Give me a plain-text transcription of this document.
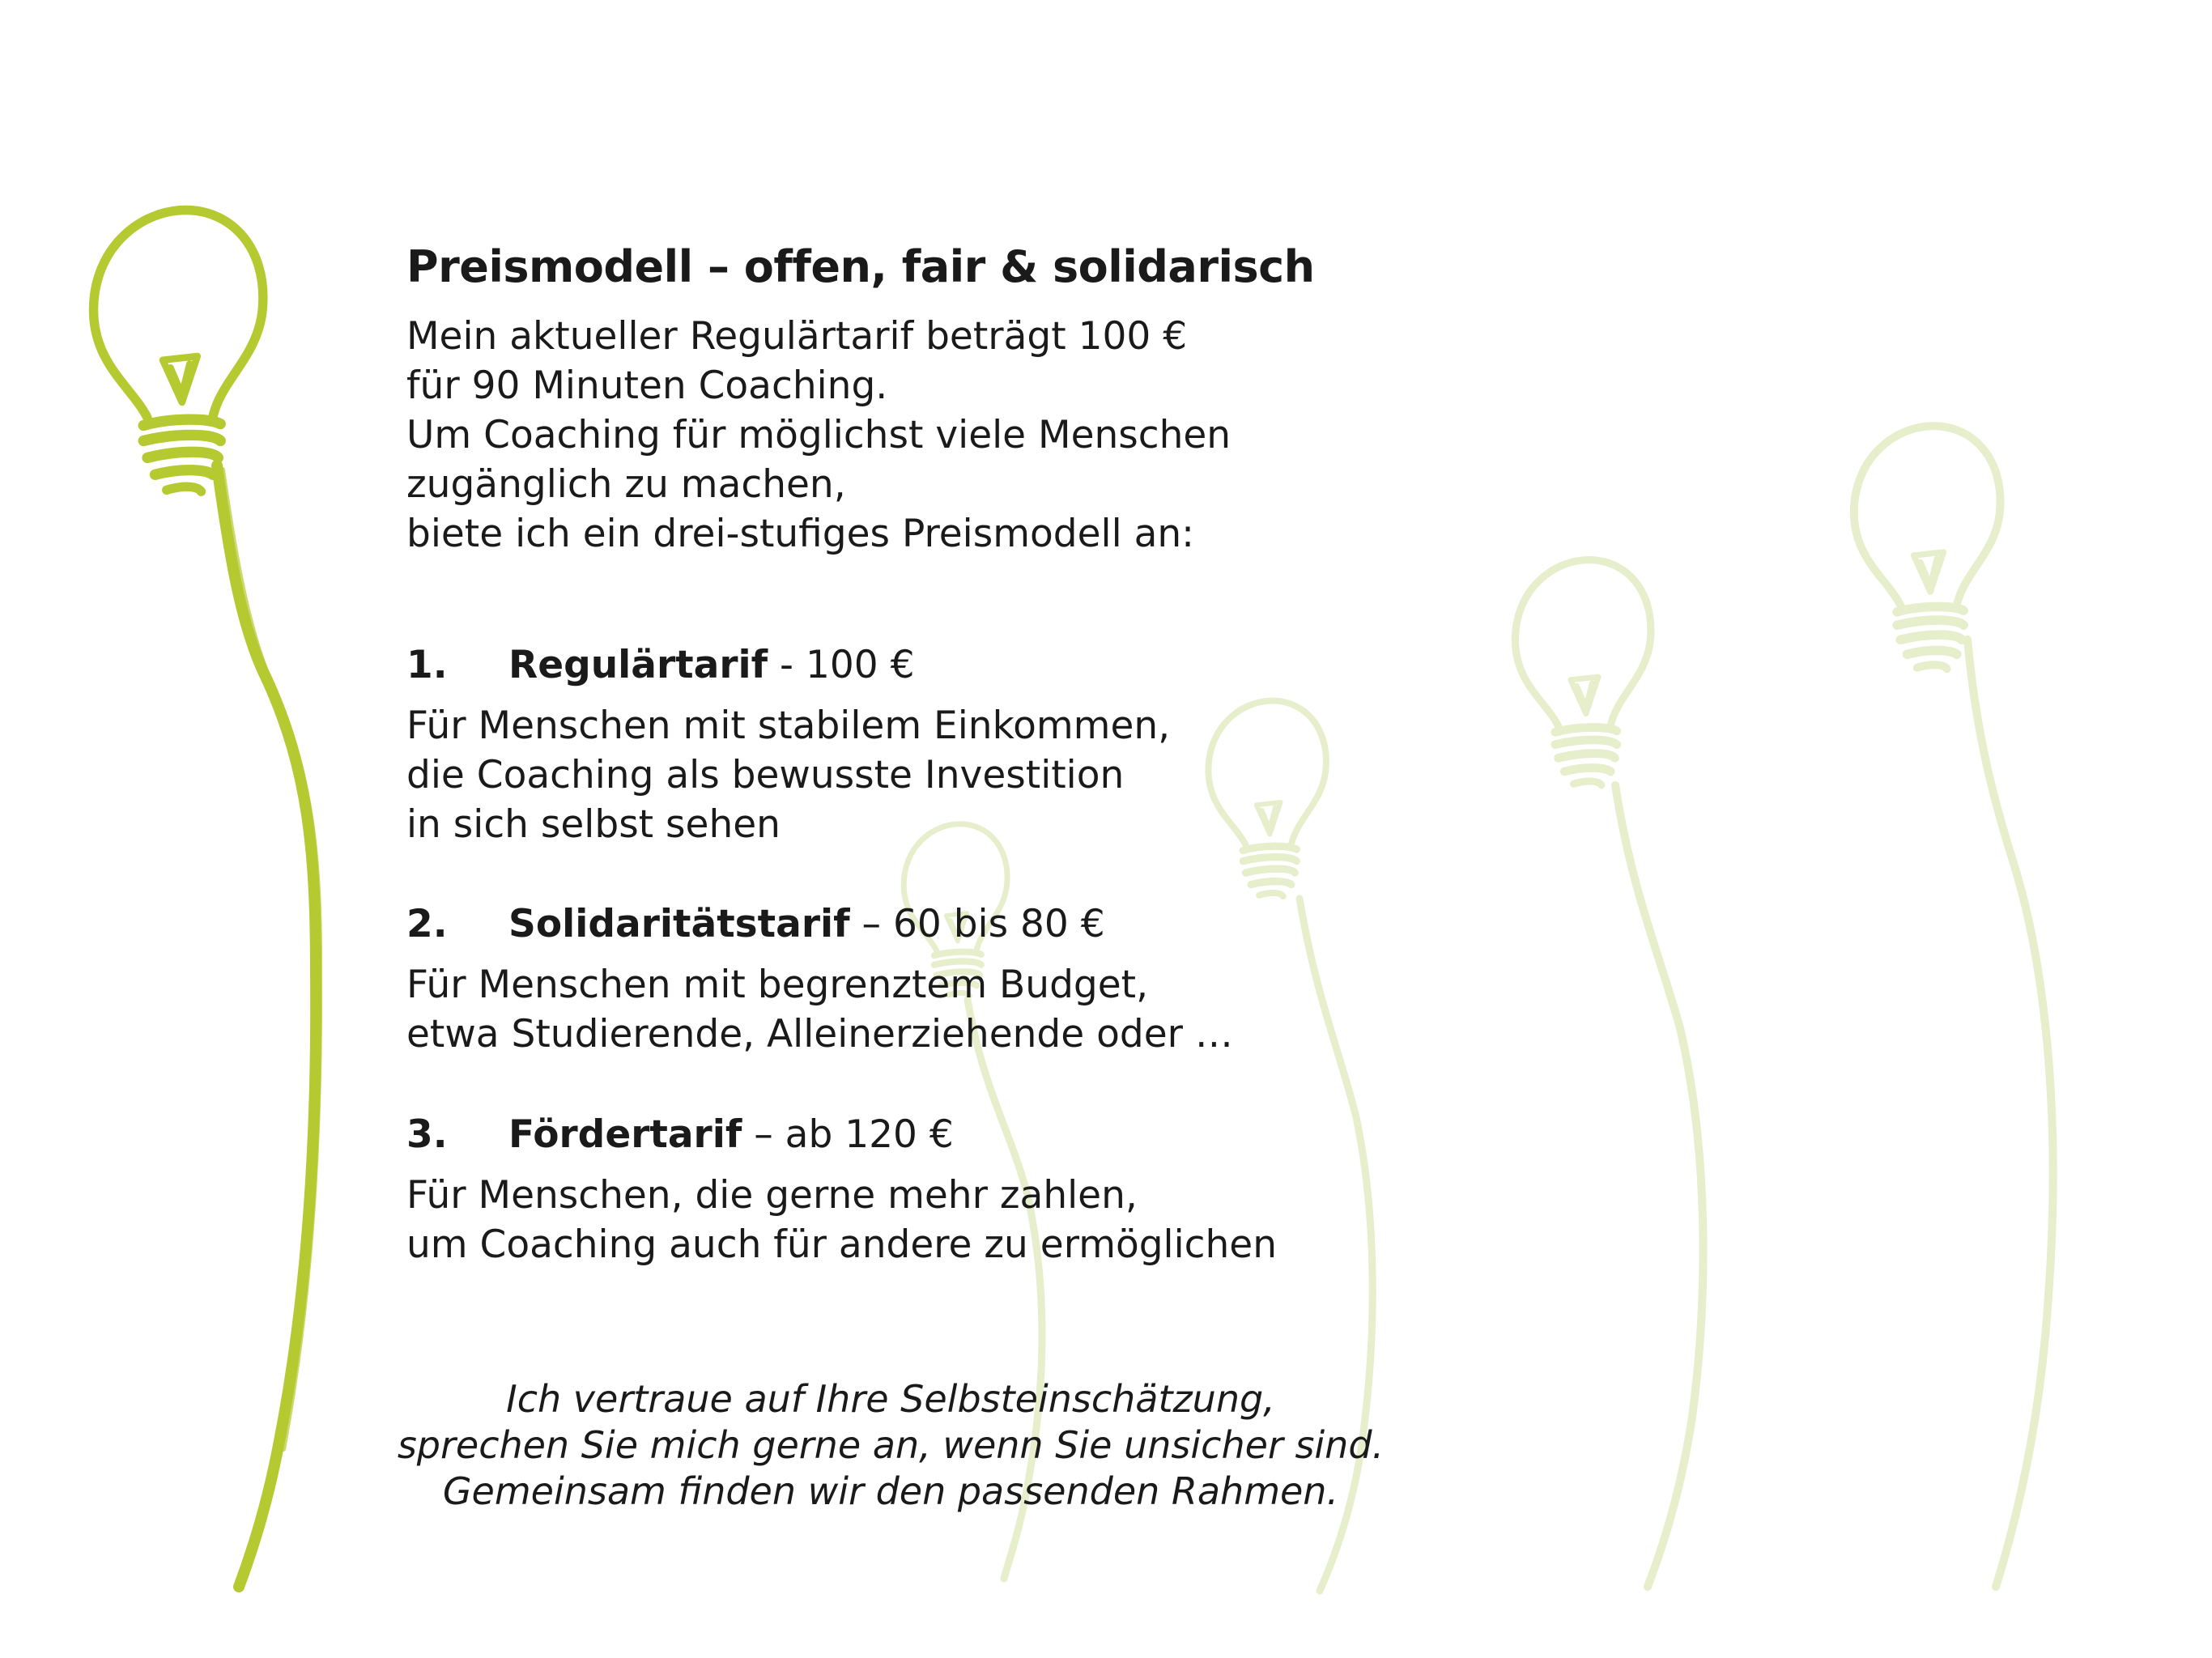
Preismodell – offen, fair & solidarisch
Mein aktueller Regulärtarif beträgt 100 €
für 90 Minuten Coaching.
Um Coaching für möglichst viele Menschen
zugänglich zu machen,
biete ich ein drei-stufiges Preismodell an:
1. Regulärtarif - 100 €
Für Menschen mit stabilem Einkommen,
die Coaching als bewusste Investition
in sich selbst sehen
2. Solidaritätstarif – 60 bis 80 €
Für Menschen mit begrenztem Budget,
etwa Studierende, Alleinerziehende oder …
3. Fördertarif – ab 120 €
Für Menschen, die gerne mehr zahlen,
um Coaching auch für andere zu ermöglichen
Ich vertraue auf Ihre Selbsteinschätzung,
sprechen Sie mich gerne an, wenn Sie unsicher sind.
Gemeinsam finden wir den passenden Rahmen.
